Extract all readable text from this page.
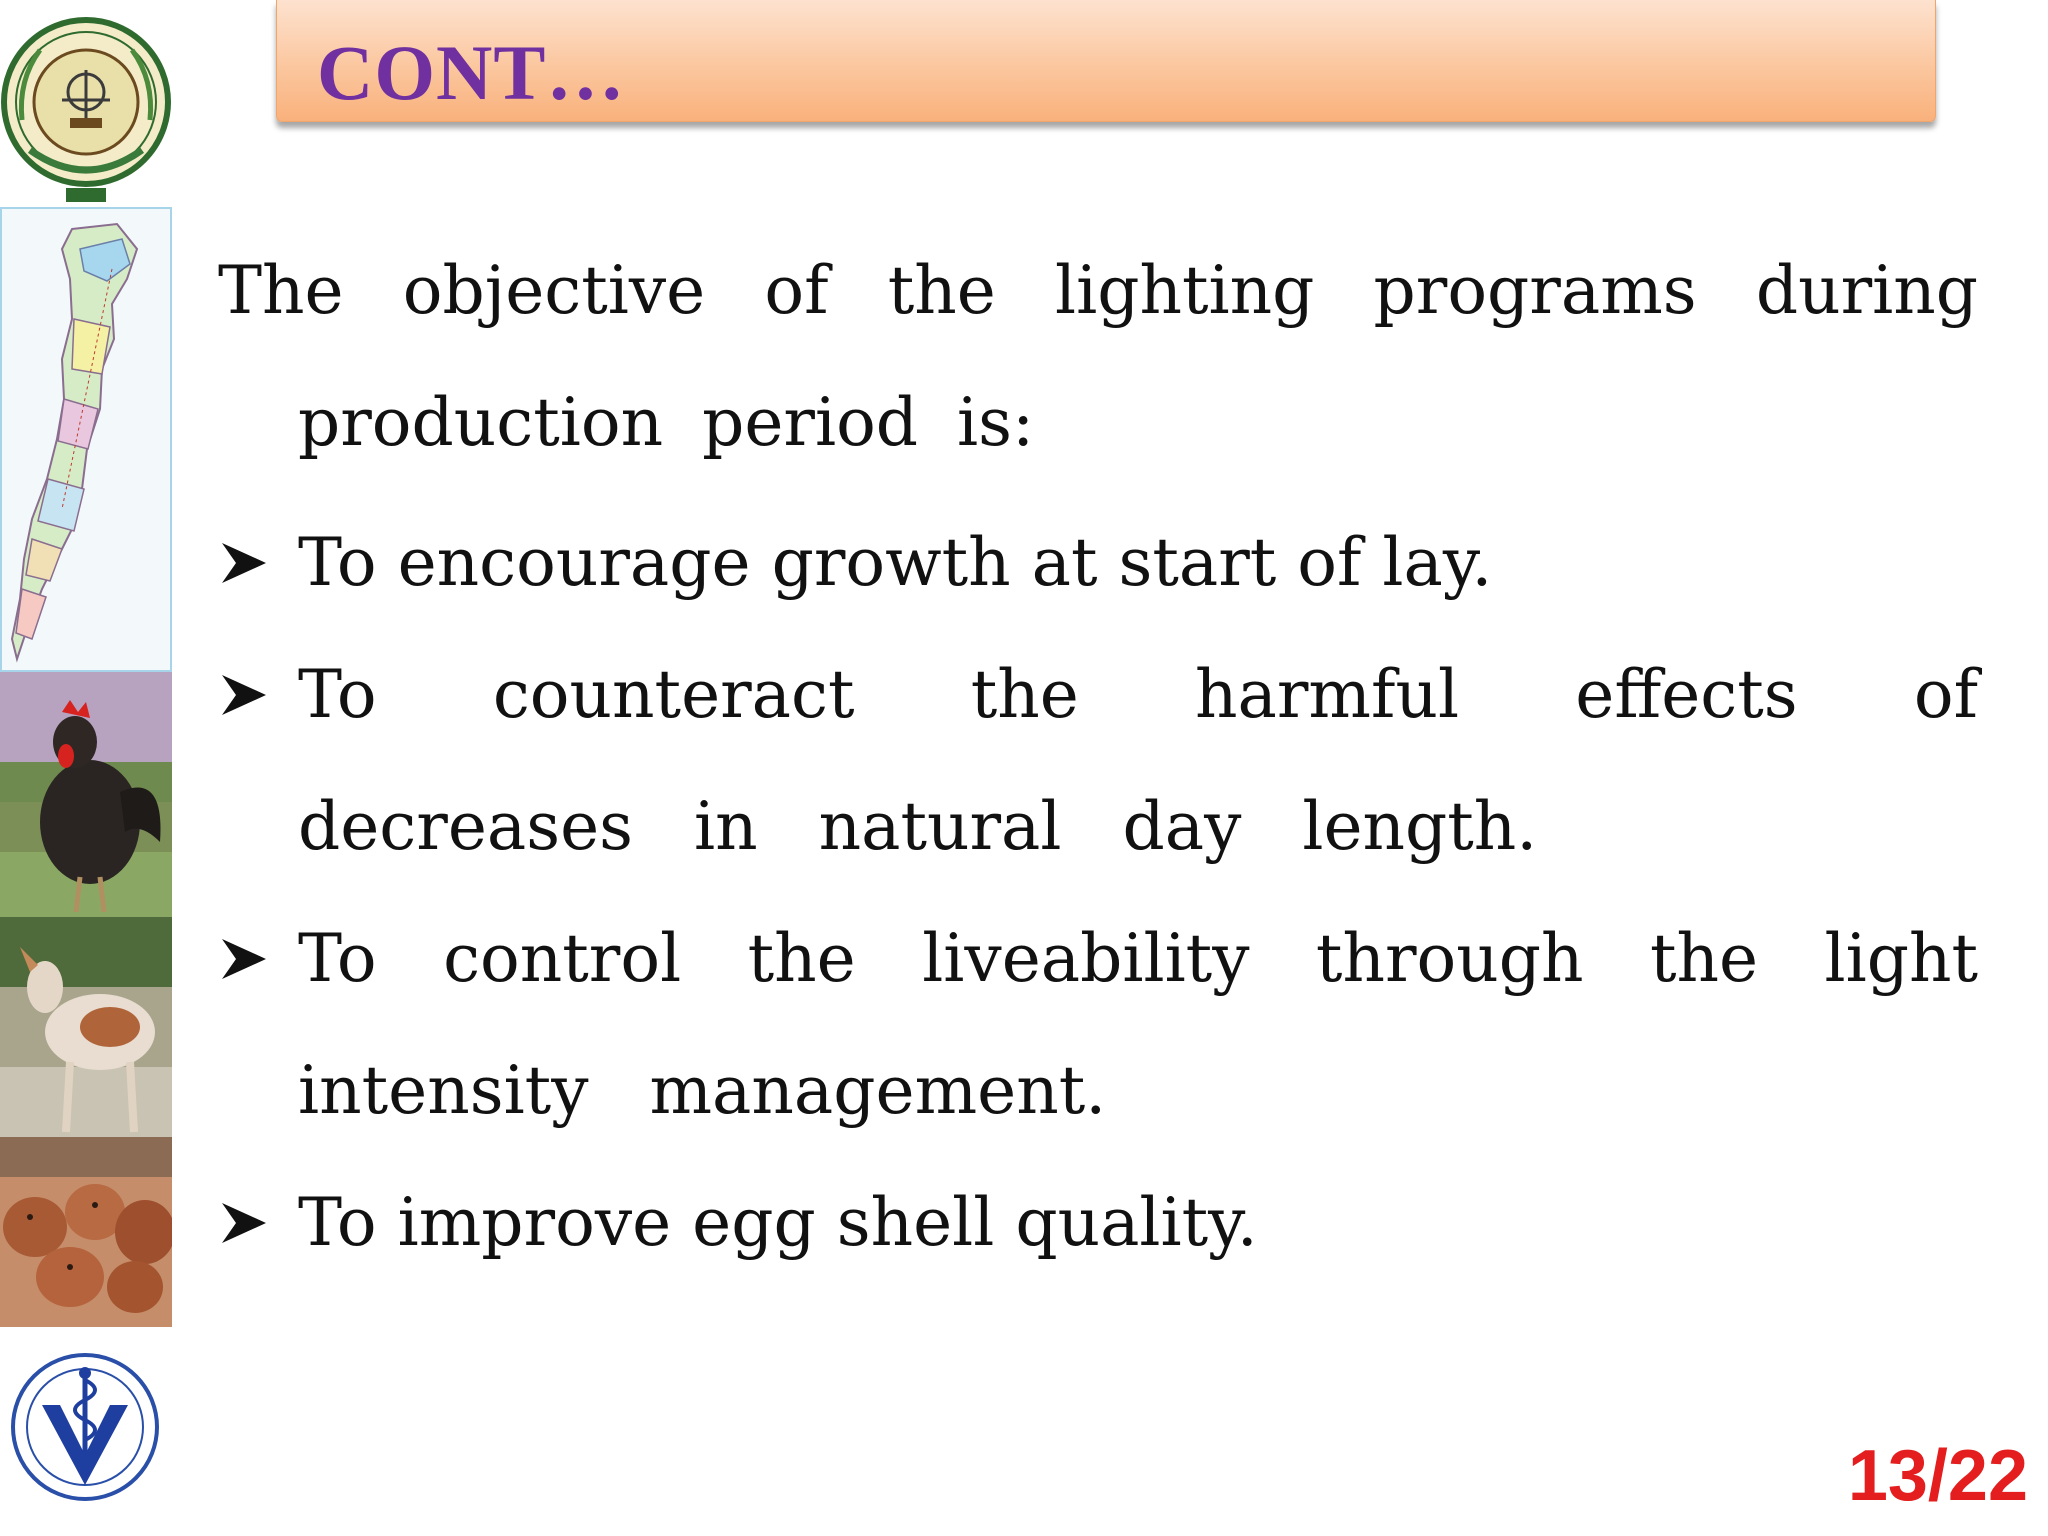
CONT…

The objective of the lighting programs during production period is:

To encourage growth at start of lay.
To counteract the harmful effects of decreases in natural day length.
To control the liveability through the light intensity management.
To improve egg shell quality.
13/22
